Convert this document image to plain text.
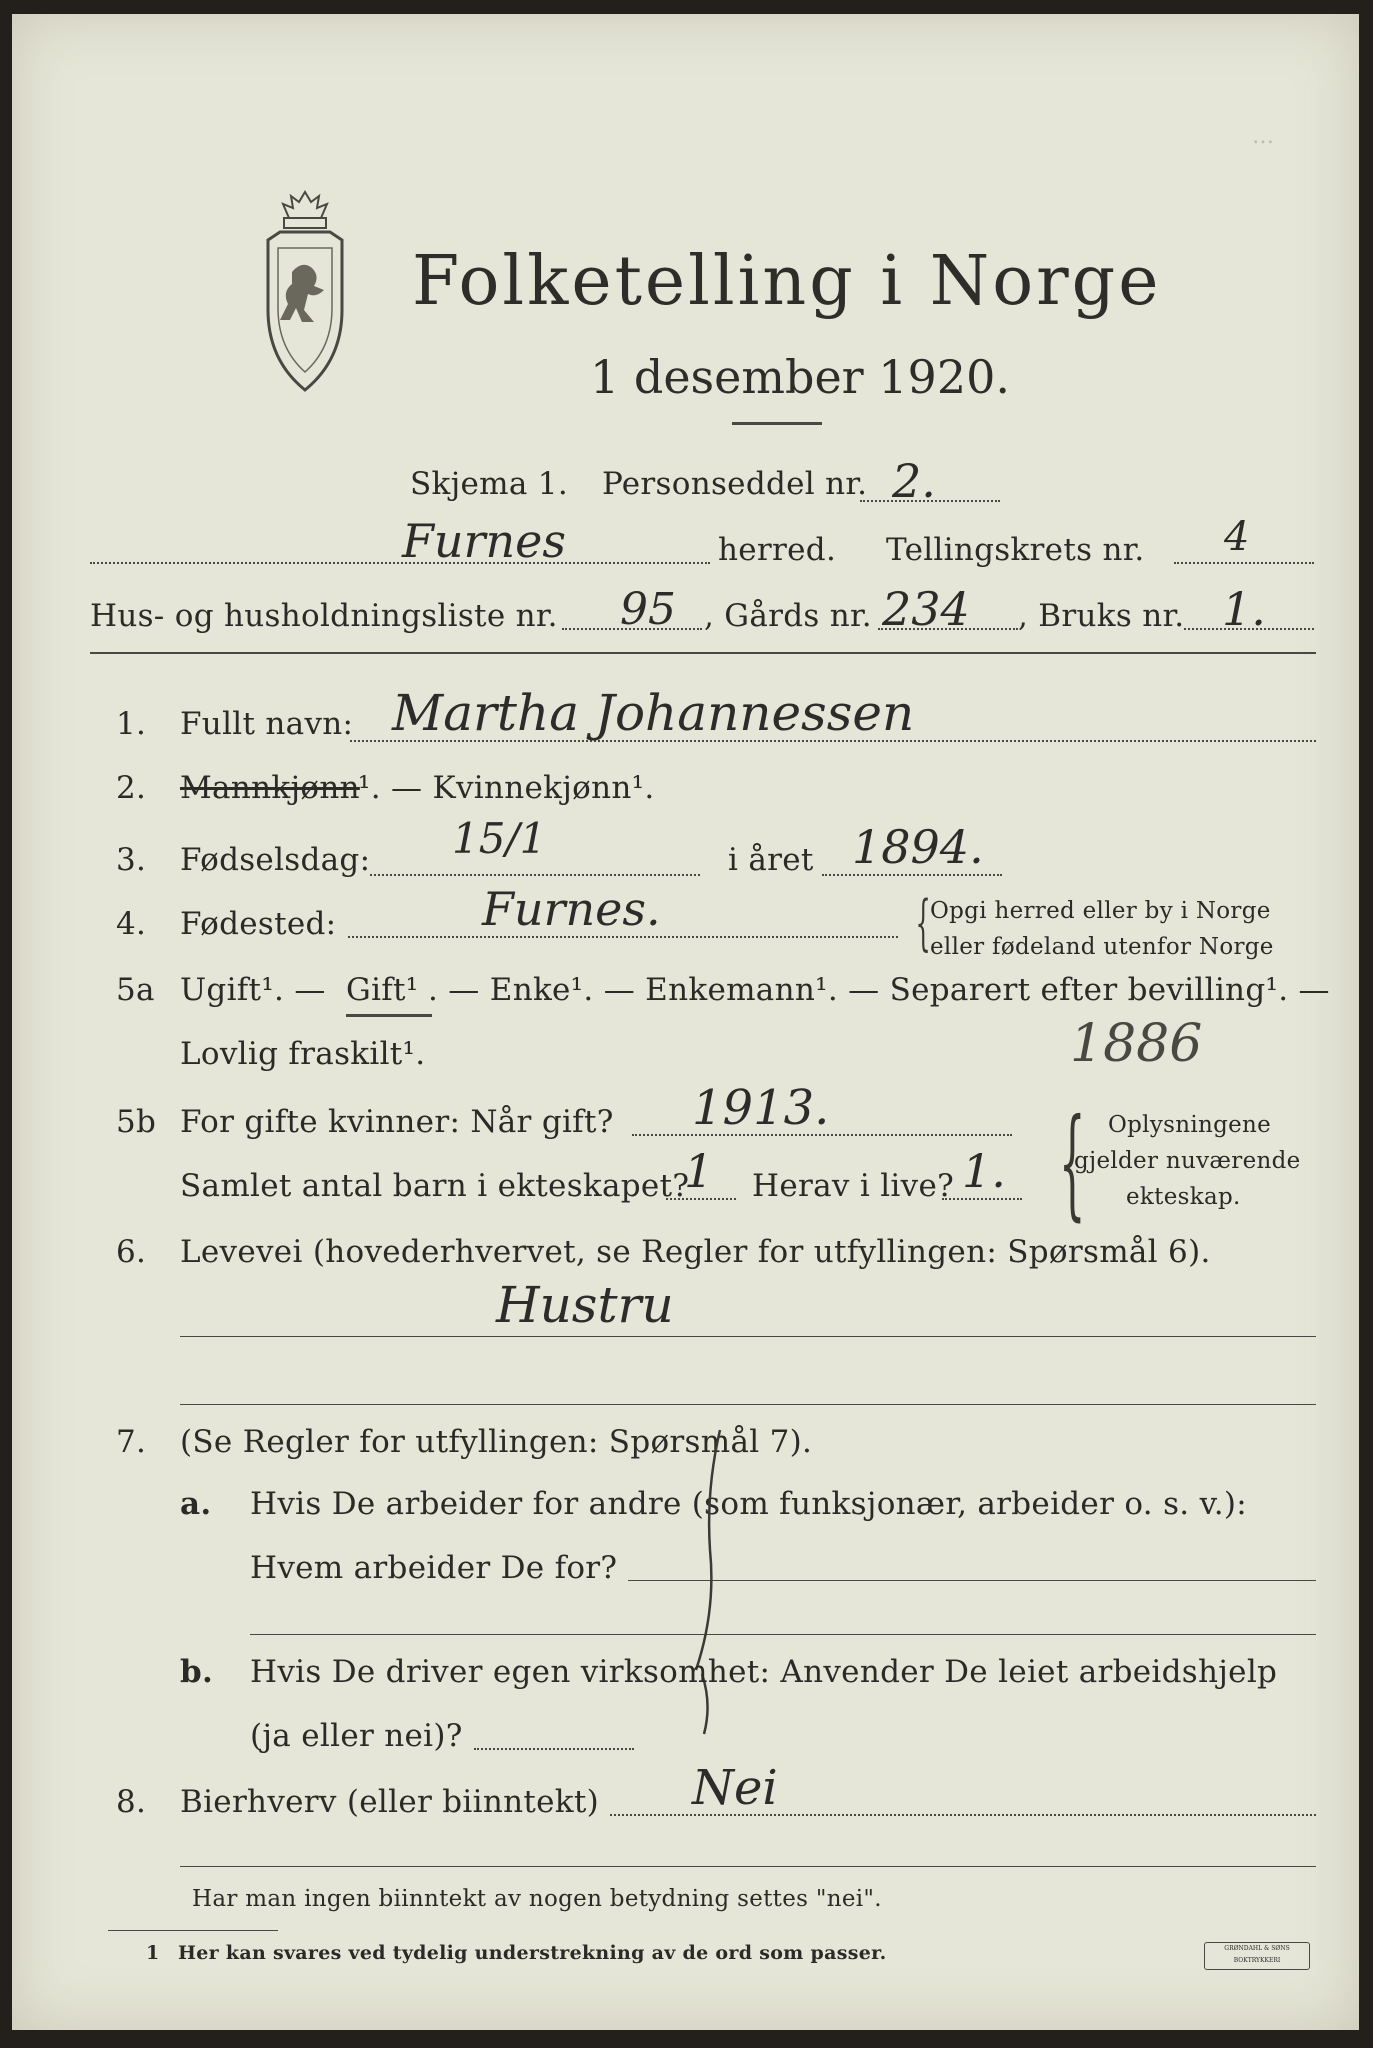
…
Folketelling i Norge
1 desember 1920.
Skjema 1. Personseddel nr. 2.
Furnes	herred. Tellingskrets nr. 4
Hus- og husholdningsliste nr. 95 , Gårds nr. 234 , Bruks nr. 1.
1. Fullt navn: Martha Johannessen
2. Mannkjønn
¹. — Kvinnekjønn¹.
3. Fødselsdag: 15/1	i året 1894.
4. Fødested:	Furnes.	{ Opgi herred eller by i Norge
eller fødeland utenfor Norge
5a Ugift¹. — Gift¹ . — Enke¹. — Enkemann¹. — Separert efter bevilling¹. —
Lovlig fraskilt¹.	1886
5b For gifte kvinner: Når gift? 1913.
Samlet antal barn i ekteskapet?
1 Herav i live? 1. { Oplysningene
gjelder nuværende
ekteskap.
6. Levevei (hovederhvervet, se Regler for utfyllingen: Spørsmål 6).
Hustru
7. (Se Regler for utfyllingen: Spørsmål 7).
a. Hvis De arbeider for andre (som funksjonær, arbeider o. s. v.):
Hvem arbeider De for?
b. Hvis De driver egen virksomhet: Anvender De leiet arbeidshjelp
(ja eller nei)?
8. Bierhverv (eller biinntekt) Nei
Har man ingen biinntekt av nogen betydning settes "nei".
1 Her kan svares ved tydelig understrekning av de ord som passer.	GRØNDAHL & SØNS BOKTRYKKERI
